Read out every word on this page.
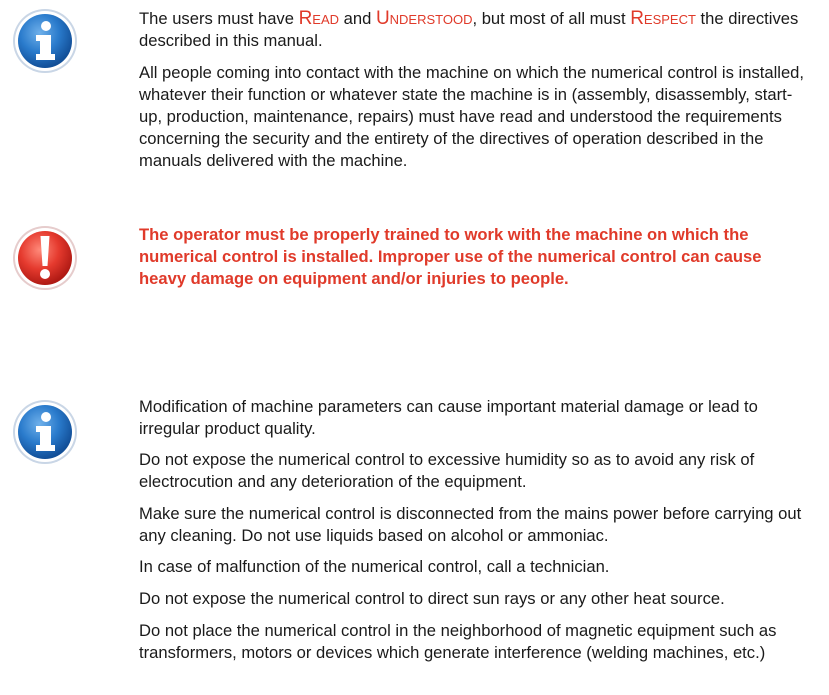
The users must have Read and Understood, but most of all must Respect the directives described in this manual.

All people coming into contact with the machine on which the numerical control is installed, whatever their function or whatever state the machine is in (assembly, disassembly, start-up, production, maintenance, repairs) must have read and understood the requirements concerning the security and the entirety of the directives of operation described in the manuals delivered with the machine.

The operator must be properly trained to work with the machine on which the numerical control is installed. Improper use of the numerical control can cause heavy damage on equipment and/or injuries to people.

Modification of machine parameters can cause important material damage or lead to irregular product quality.

Do not expose the numerical control to excessive humidity so as to avoid any risk of electrocution and any deterioration of the equipment.

Make sure the numerical control is disconnected from the mains power before carrying out any cleaning. Do not use liquids based on alcohol or ammoniac.

In case of malfunction of the numerical control, call a technician.

Do not expose the numerical control to direct sun rays or any other heat source.

Do not place the numerical control in the neighborhood of magnetic equipment such as transformers, motors or devices which generate interference (welding machines, etc.)
